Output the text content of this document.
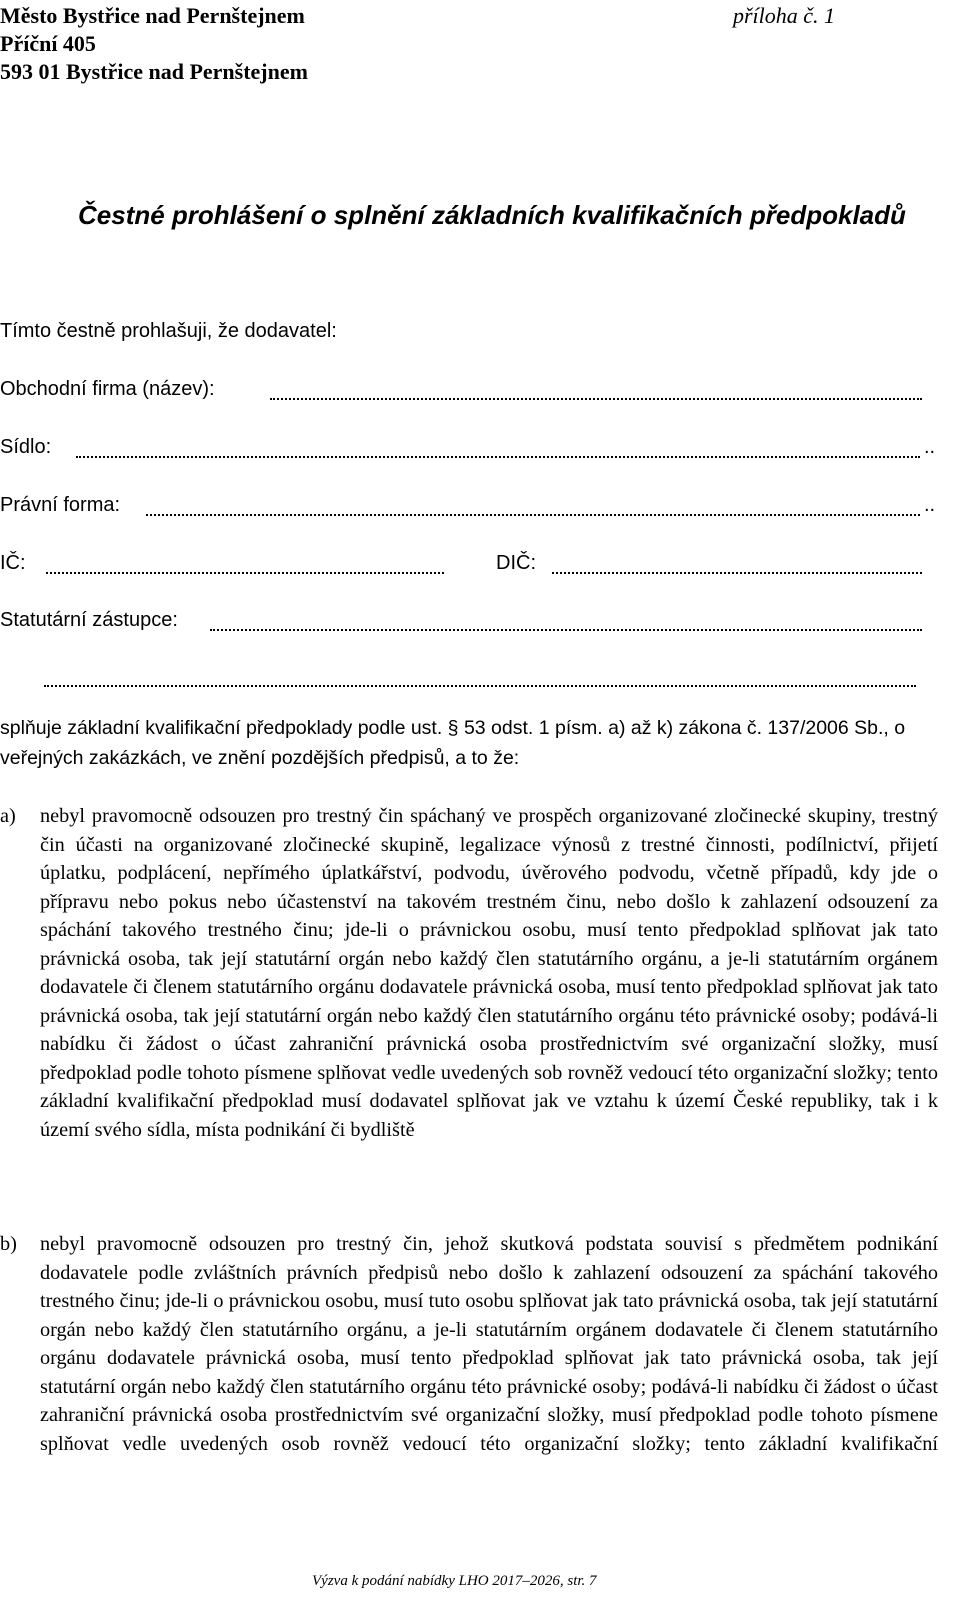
Město Bystřice nad Pernštejnem	příloha č. 1
Příční 405
593 01 Bystřice nad Pernštejnem
Čestné prohlášení o splnění základních kvalifikačních předpokladů
Tímto čestně prohlašuji, že dodavatel:
Obchodní firma (název):
Sídlo:	..
Právní forma:	..
IČ:	DIČ:
Statutární zástupce:
splňuje základní kvalifikační předpoklady podle ust. § 53 odst. 1 písm. a) až k) zákona č. 137/2006 Sb., o veřejných zakázkách, ve znění pozdějších předpisů, a to že:
a)	nebyl pravomocně odsouzen pro trestný čin spáchaný ve prospěch organizované zločinecké skupiny, trestný čin účasti na organizované zločinecké skupině, legalizace výnosů z trestné činnosti, podílnictví, přijetí úplatku, podplácení, nepřímého úplatkářství, podvodu, úvěrového podvodu, včetně případů, kdy jde o přípravu nebo pokus nebo účastenství na takovém trestném činu, nebo došlo k zahlazení odsouzení za spáchání takového trestného činu; jde-li o právnickou osobu, musí tento předpoklad splňovat jak tato právnická osoba, tak její statutární orgán nebo každý člen statutárního orgánu, a je-li statutárním orgánem dodavatele či členem statutárního orgánu dodavatele právnická osoba, musí tento předpoklad splňovat jak tato právnická osoba, tak její statutární orgán nebo každý člen statutárního orgánu této právnické osoby; podává-li nabídku či žádost o účast zahraniční právnická osoba prostřednictvím své organizační složky, musí předpoklad podle tohoto písmene splňovat vedle uvedených sob rovněž vedoucí této organizační složky; tento základní kvalifikační předpoklad musí dodavatel splňovat jak ve vztahu k území České republiky, tak i k území svého sídla, místa podnikání či bydliště
b)	nebyl pravomocně odsouzen pro trestný čin, jehož skutková podstata souvisí s předmětem podnikání dodavatele podle zvláštních právních předpisů nebo došlo k zahlazení odsouzení za spáchání takového trestného činu; jde-li o právnickou osobu, musí tuto osobu splňovat jak tato právnická osoba, tak její statutární orgán nebo každý člen statutárního orgánu, a je-li statutárním orgánem dodavatele či členem statutárního orgánu dodavatele právnická osoba, musí tento předpoklad splňovat jak tato právnická osoba, tak její statutární orgán nebo každý člen statutárního orgánu této právnické osoby; podává-li nabídku či žádost o účast zahraniční právnická osoba prostřednictvím své organizační složky, musí předpoklad podle tohoto písmene splňovat vedle uvedených osob rovněž vedoucí této organizační složky; tento základní kvalifikační
Výzva k podání nabídky LHO 2017–2026, str. 7
